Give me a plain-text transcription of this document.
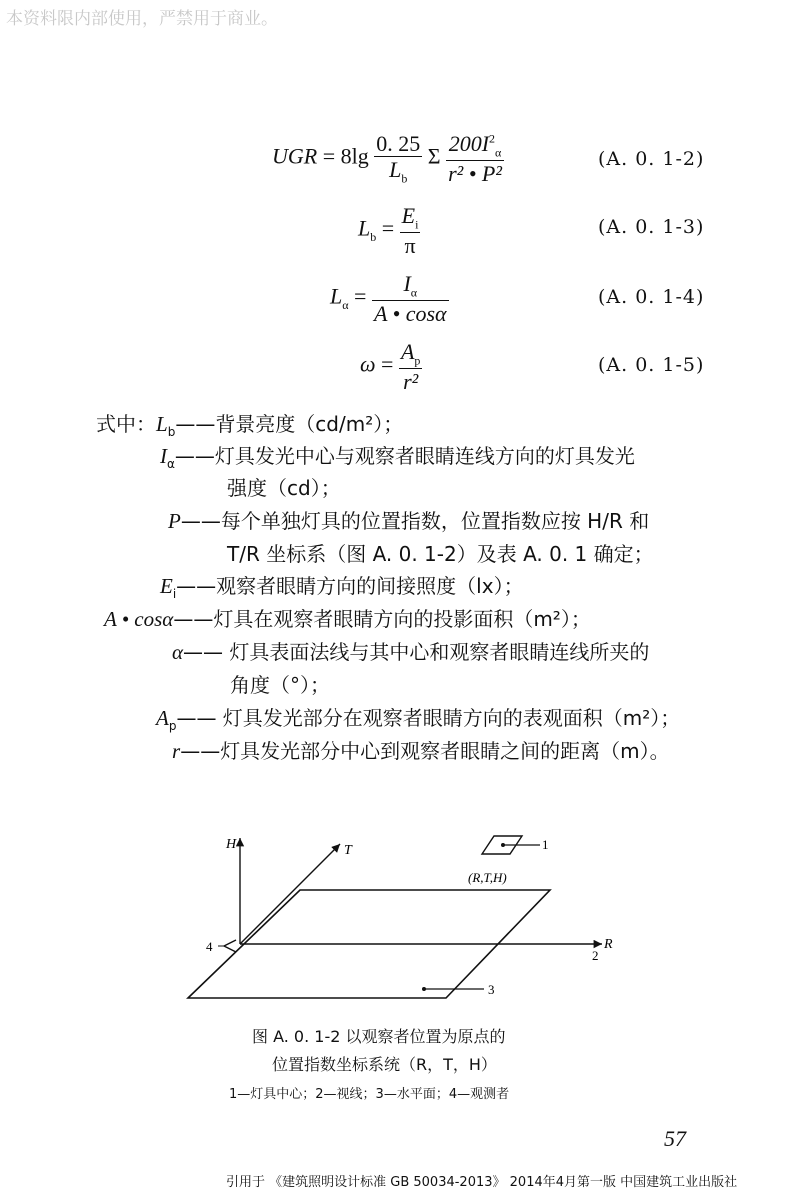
本资料限内部使用，严禁用于商业。
UGR = $8\lg \frac{0. 25}{L_b}$ Σ $\frac{200I^2_\alpha}{\text{r² • P²}}$	(A. 0. 1-2)
$L_b = \frac{E_i}{\pi}$	(A. 0. 1-3)
$L_\alpha = \frac{I_\alpha}{A • \cos\alpha}$	(A. 0. 1-4)
$\omega = \frac{A_p}{\text{r²}}$	(A. 0. 1-5)
式中：$L_b——$背景亮度（cd/m²）；
$I_\alpha——$灯具发光中心与观察者眼睛连线方向的灯具发光
强度（cd）；
P——每个单独灯具的位置指数，位置指数应按 H/R 和
T/R 坐标系（图 A. 0. 1-2）及表 A. 0. 1 确定；
$E_i——$观察者眼睛方向的间接照度（lx）；
A • cosα——灯具在观察者眼睛方向的投影面积（m²）；
α—— 灯具表面法线与其中心和观察者眼睛连线所夹的
角度（°）；
$A_p——$ 灯具发光部分在观察者眼睛方向的表观面积（m²）；
r——灯具发光部分中心到观察者眼睛之间的距离（m）。
H	T
R
2
1
3
4
(R,T,H)
图 A. 0. 1-2 以观察者位置为原点的
位置指数坐标系统（R，T，H）
1—灯具中心；2—视线；3—水平面；4—观测者
57
引用于 《建筑照明设计标准 GB 50034-2013》 2014年4月第一版 中国建筑工业出版社
